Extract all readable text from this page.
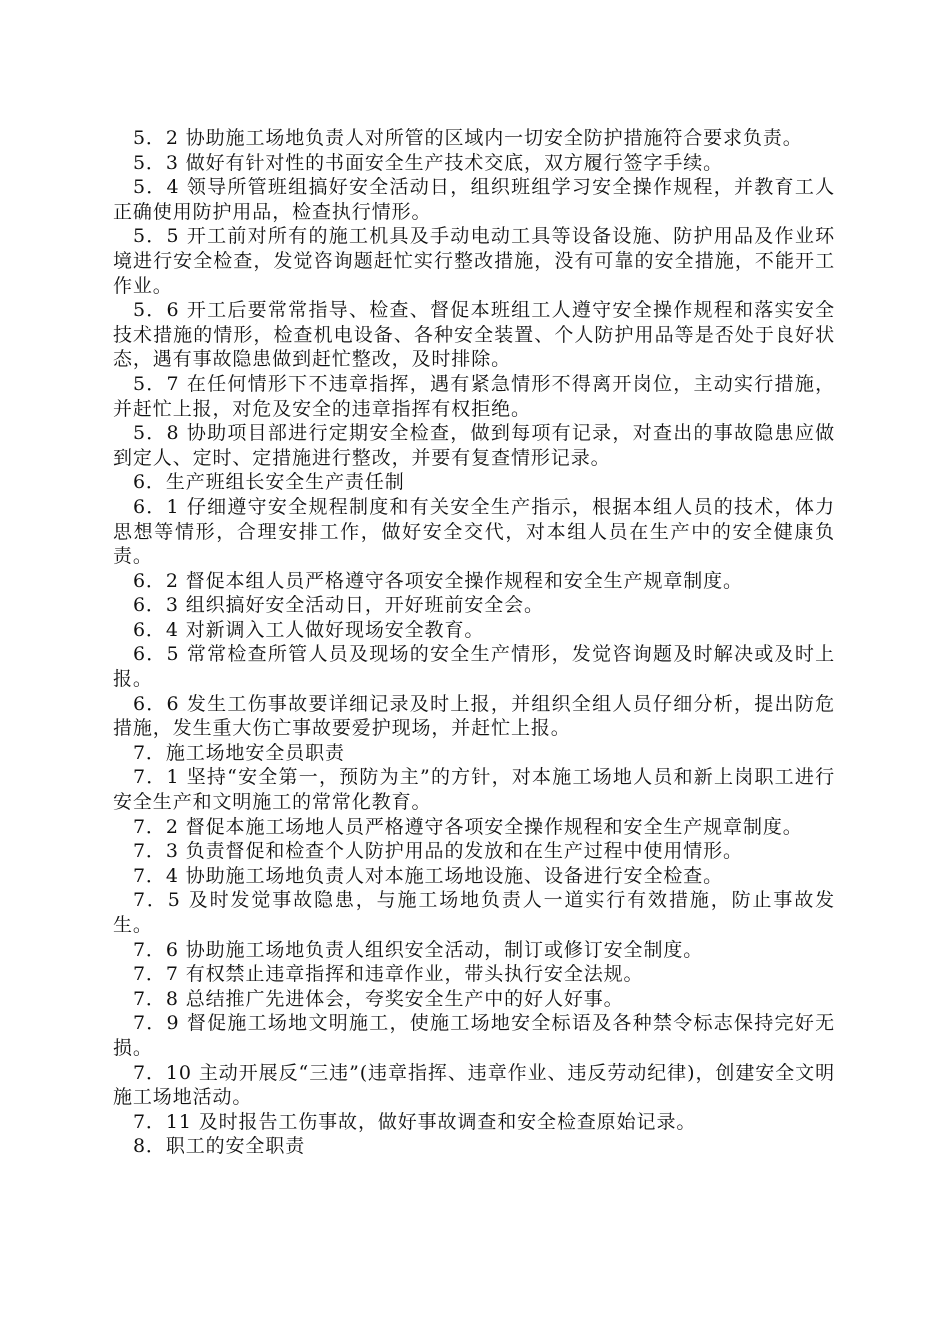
5．2 协助施工场地负责人对所管的区域内一切安全防护措施符合要求负责。

5．3 做好有针对性的书面安全生产技术交底，双方履行签字手续。

5．4 领导所管班组搞好安全活动日，组织班组学习安全操作规程，并教育工人正确使用防护用品，检查执行情形。

5．5 开工前对所有的施工机具及手动电动工具等设备设施、防护用品及作业环境进行安全检查，发觉咨询题赶忙实行整改措施，没有可靠的安全措施，不能开工作业。

5．6 开工后要常常指导、检查、督促本班组工人遵守安全操作规程和落实安全技术措施的情形，检查机电设备、各种安全装置、个人防护用品等是否处于良好状态，遇有事故隐患做到赶忙整改，及时排除。

5．7 在任何情形下不违章指挥，遇有紧急情形不得离开岗位，主动实行措施，并赶忙上报，对危及安全的违章指挥有权拒绝。

5．8 协助项目部进行定期安全检查，做到每项有记录，对查出的事故隐患应做到定人、定时、定措施进行整改，并要有复查情形记录。

6．生产班组长安全生产责任制

6．1 仔细遵守安全规程制度和有关安全生产指示，根据本组人员的技术，体力思想等情形，合理安排工作，做好安全交代，对本组人员在生产中的安全健康负责。

6．2 督促本组人员严格遵守各项安全操作规程和安全生产规章制度。

6．3 组织搞好安全活动日，开好班前安全会。

6．4 对新调入工人做好现场安全教育。

6．5 常常检查所管人员及现场的安全生产情形，发觉咨询题及时解决或及时上报。

6．6 发生工伤事故要详细记录及时上报，并组织全组人员仔细分析，提出防危措施，发生重大伤亡事故要爱护现场，并赶忙上报。

7．施工场地安全员职责

7．1 坚持“安全第一，预防为主”的方针，对本施工场地人员和新上岗职工进行安全生产和文明施工的常常化教育。

7．2 督促本施工场地人员严格遵守各项安全操作规程和安全生产规章制度。

7．3 负责督促和检查个人防护用品的发放和在生产过程中使用情形。

7．4 协助施工场地负责人对本施工场地设施、设备进行安全检查。

7．5 及时发觉事故隐患，与施工场地负责人一道实行有效措施，防止事故发生。

7．6 协助施工场地负责人组织安全活动，制订或修订安全制度。

7．7 有权禁止违章指挥和违章作业，带头执行安全法规。

7．8 总结推广先进体会，夸奖安全生产中的好人好事。

7．9 督促施工场地文明施工，使施工场地安全标语及各种禁令标志保持完好无损。

7．10 主动开展反“三违”(违章指挥、违章作业、违反劳动纪律)，创建安全文明施工场地活动。

7．11 及时报告工伤事故，做好事故调查和安全检查原始记录。

8．职工的安全职责
